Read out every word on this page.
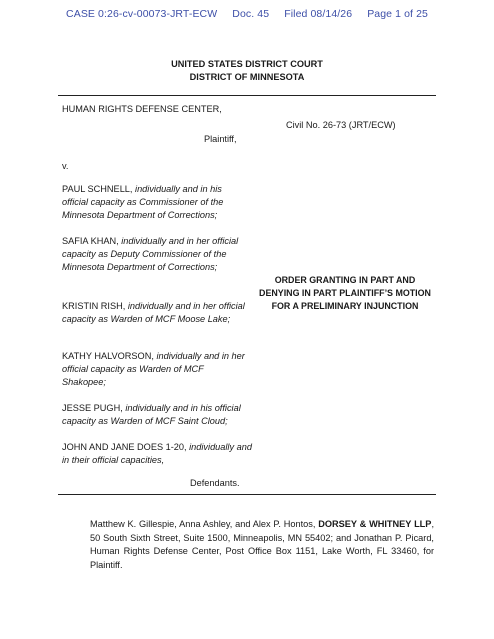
CASE 0:26-cv-00073-JRT-ECW Doc. 45 Filed 08/14/26 Page 1 of 25
UNITED STATES DISTRICT COURT
DISTRICT OF MINNESOTA
HUMAN RIGHTS DEFENSE CENTER,
Civil No. 26-73 (JRT/ECW)
Plaintiff,
v.
PAUL SCHNELL, individually and in his official capacity as Commissioner of the Minnesota Department of Corrections;
SAFIA KHAN, individually and in her official capacity as Deputy Commissioner of the Minnesota Department of Corrections;
KRISTIN RISH, individually and in her official capacity as Warden of MCF Moose Lake;
KATHY HALVORSON, individually and in her official capacity as Warden of MCF Shakopee;
JESSE PUGH, individually and in his official capacity as Warden of MCF Saint Cloud;
JOHN AND JANE DOES 1-20, individually and in their official capacities,
Defendants.
ORDER GRANTING IN PART AND
DENYING IN PART PLAINTIFF’S MOTION
FOR A PRELIMINARY INJUNCTION
Matthew K. Gillespie, Anna Ashley, and Alex P. Hontos, DORSEY & WHITNEY LLP, 50 South Sixth Street, Suite 1500, Minneapolis, MN 55402; and Jonathan P. Picard, Human Rights Defense Center, Post Office Box 1151, Lake Worth, FL 33460, for Plaintiff.
